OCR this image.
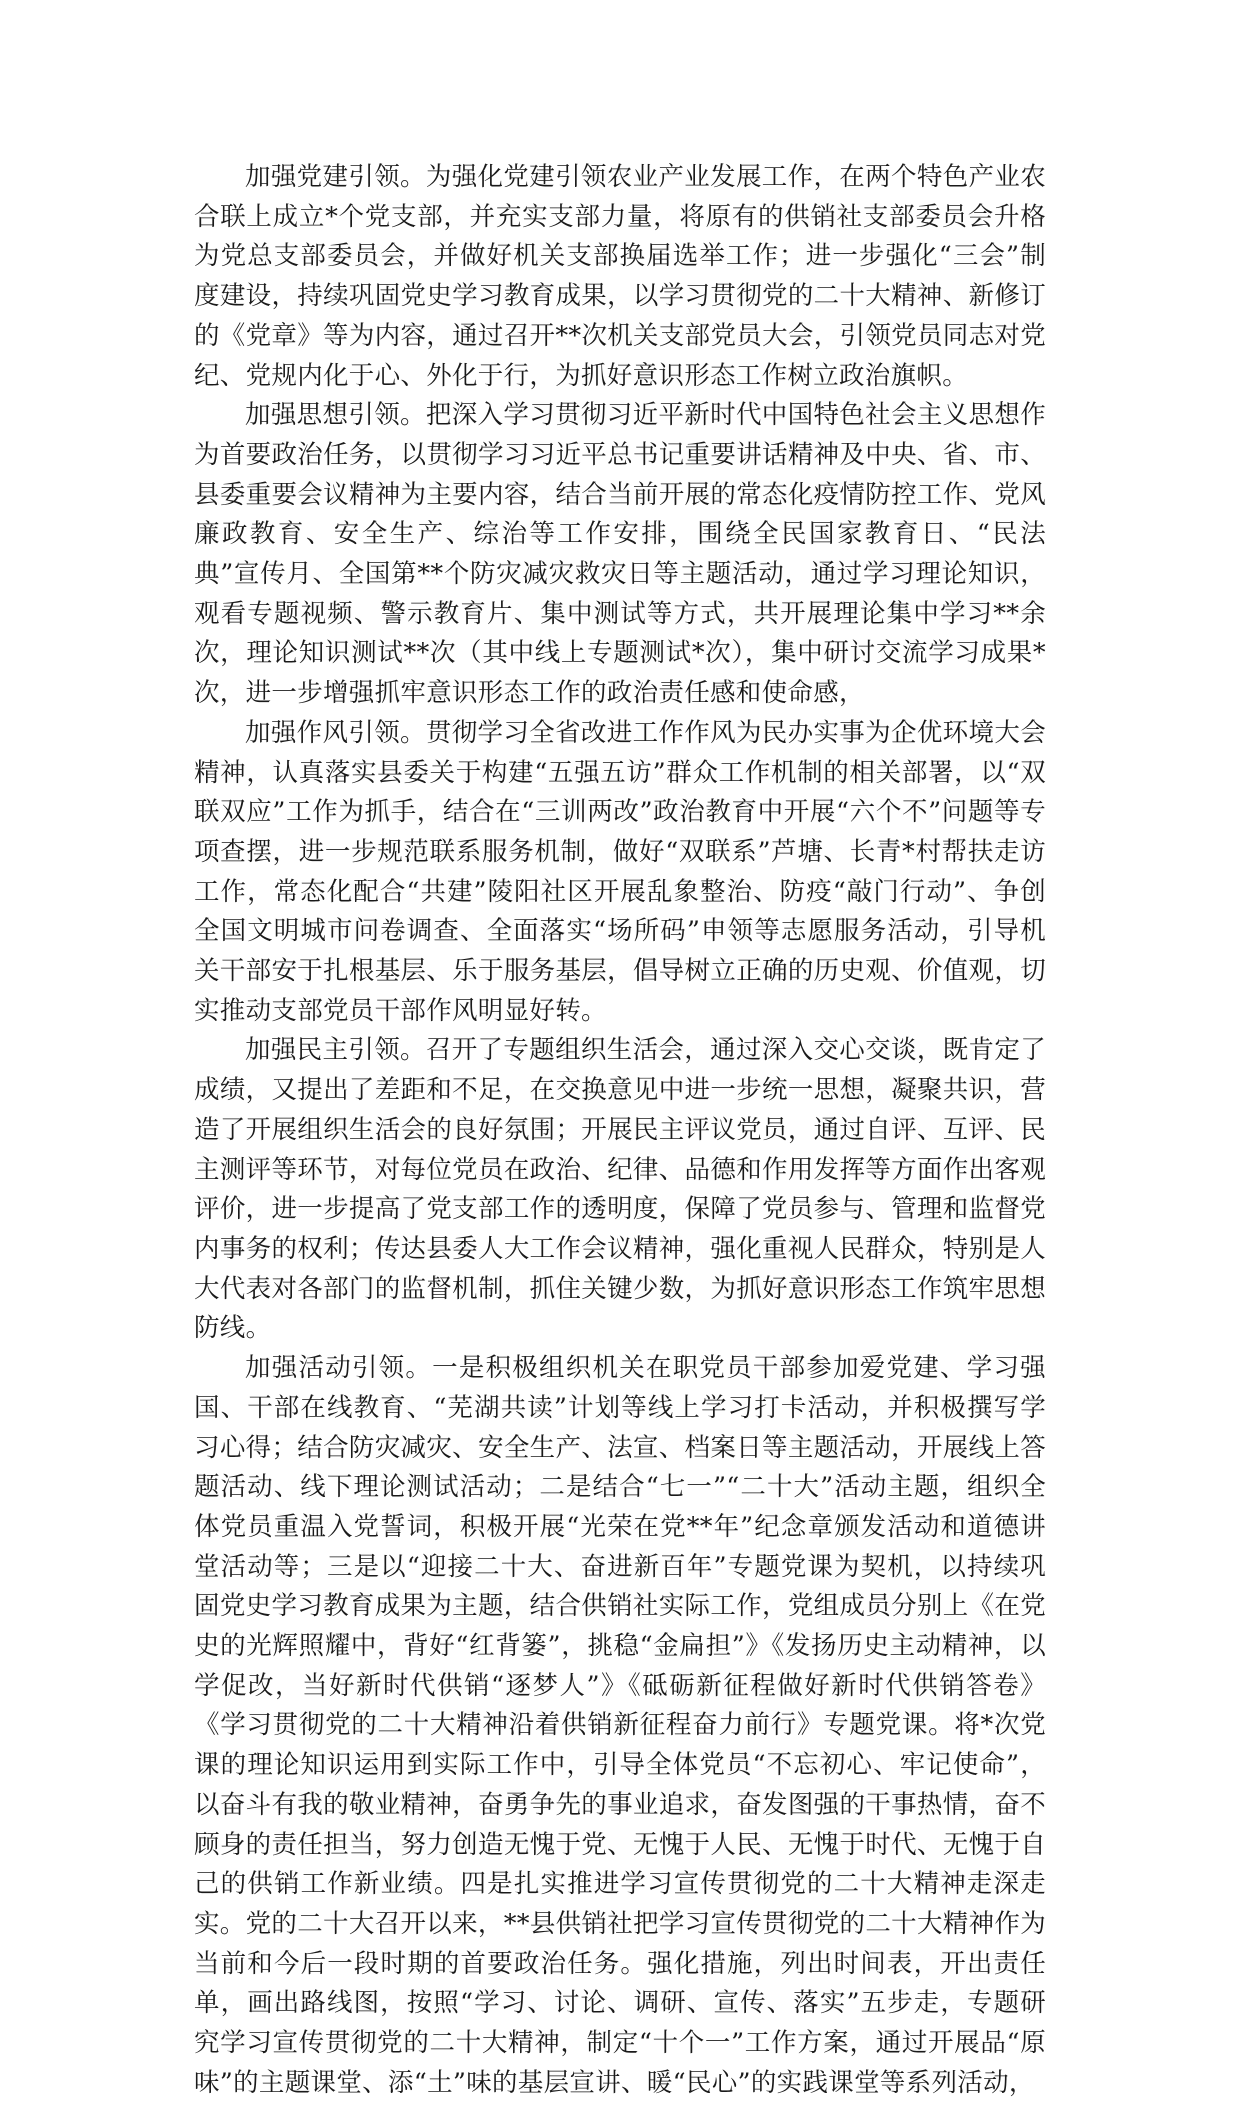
加强党建引领。为强化党建引领农业产业发展工作，在两个特色产业农合联上成立*个党支部，并充实支部力量，将原有的供销社支部委员会升格为党总支部委员会，并做好机关支部换届选举工作；进一步强化“三会”制度建设，持续巩固党史学习教育成果，以学习贯彻党的二十大精神、新修订的《党章》等为内容，通过召开**次机关支部党员大会，引领党员同志对党纪、党规内化于心、外化于行，为抓好意识形态工作树立政治旗帜。

加强思想引领。把深入学习贯彻习近平新时代中国特色社会主义思想作为首要政治任务，以贯彻学习习近平总书记重要讲话精神及中央、省、市、县委重要会议精神为主要内容，结合当前开展的常态化疫情防控工作、党风廉政教育、安全生产、综治等工作安排，围绕全民国家教育日、“民法典”宣传月、全国第**个防灾减灾救灾日等主题活动，通过学习理论知识，观看专题视频、警示教育片、集中测试等方式，共开展理论集中学习**余次，理论知识测试**次（其中线上专题测试*次），集中研讨交流学习成果*次，进一步增强抓牢意识形态工作的政治责任感和使命感，

加强作风引领。贯彻学习全省改进工作作风为民办实事为企优环境大会精神，认真落实县委关于构建“五强五访”群众工作机制的相关部署，以“双联双应”工作为抓手，结合在“三训两改”政治教育中开展“六个不”问题等专项查摆，进一步规范联系服务机制，做好“双联系”芦塘、长青*村帮扶走访工作，常态化配合“共建”陵阳社区开展乱象整治、防疫“敲门行动”、争创全国文明城市问卷调查、全面落实“场所码”申领等志愿服务活动，引导机关干部安于扎根基层、乐于服务基层，倡导树立正确的历史观、价值观，切实推动支部党员干部作风明显好转。

加强民主引领。召开了专题组织生活会，通过深入交心交谈，既肯定了成绩，又提出了差距和不足，在交换意见中进一步统一思想，凝聚共识，营造了开展组织生活会的良好氛围；开展民主评议党员，通过自评、互评、民主测评等环节，对每位党员在政治、纪律、品德和作用发挥等方面作出客观评价，进一步提高了党支部工作的透明度，保障了党员参与、管理和监督党内事务的权利；传达县委人大工作会议精神，强化重视人民群众，特别是人大代表对各部门的监督机制，抓住关键少数，为抓好意识形态工作筑牢思想防线。

加强活动引领。一是积极组织机关在职党员干部参加爱党建、学习强国、干部在线教育、“芜湖共读”计划等线上学习打卡活动，并积极撰写学习心得；结合防灾减灾、安全生产、法宣、档案日等主题活动，开展线上答题活动、线下理论测试活动；二是结合“七一”“二十大”活动主题，组织全体党员重温入党誓词，积极开展“光荣在党**年”纪念章颁发活动和道德讲堂活动等；三是以“迎接二十大、奋进新百年”专题党课为契机，以持续巩固党史学习教育成果为主题，结合供销社实际工作，党组成员分别上《在党史的光辉照耀中，背好“红背篓”，挑稳“金扁担”》《发扬历史主动精神，以学促改，当好新时代供销“逐梦人”》《砥砺新征程做好新时代供销答卷》《学习贯彻党的二十大精神沿着供销新征程奋力前行》专题党课。将*次党课的理论知识运用到实际工作中，引导全体党员“不忘初心、牢记使命”，以奋斗有我的敬业精神，奋勇争先的事业追求，奋发图强的干事热情，奋不顾身的责任担当，努力创造无愧于党、无愧于人民、无愧于时代、无愧于自己的供销工作新业绩。四是扎实推进学习宣传贯彻党的二十大精神走深走实。党的二十大召开以来，**县供销社把学习宣传贯彻党的二十大精神作为当前和今后一段时期的首要政治任务。强化措施，列出时间表，开出责任单，画出路线图，按照“学习、讨论、调研、宣传、落实”五步走，专题研究学习宣传贯彻党的二十大精神，制定“十个一”工作方案，通过开展品“原味”的主题课堂、添“土”味的基层宣讲、暖“民心”的实践课堂等系列活动，
